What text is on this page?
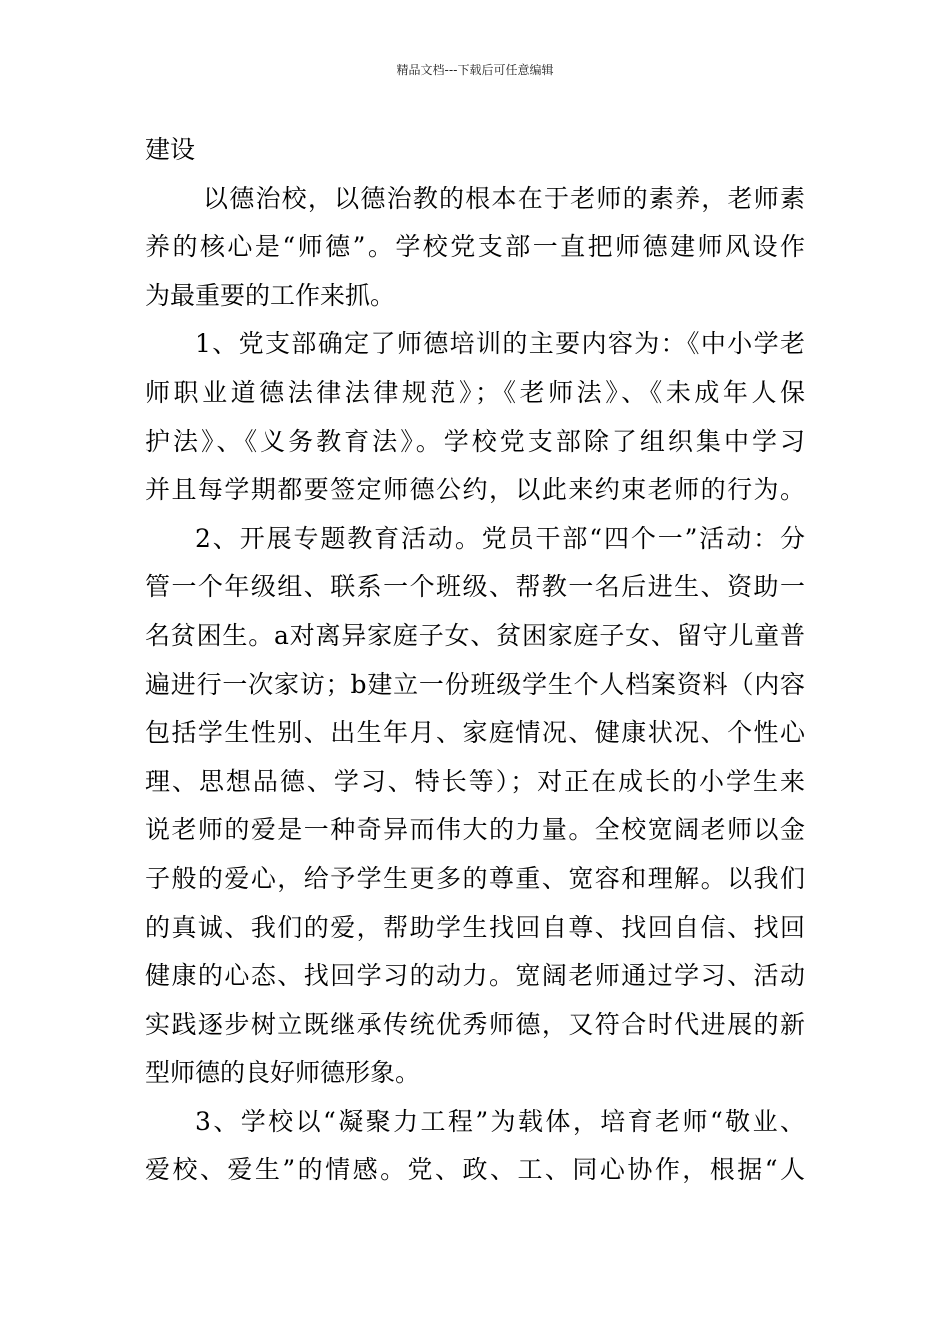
精品文档---下载后可任意编辑
建设
以德治校，以德治教的根本在于老师的素养，老师素
养的核心是“师德”。学校党支部一直把师德建师风设作
为最重要的工作来抓。
1、党支部确定了师德培训的主要内容为：《中小学老
师职业道德法律法律规范》；《老师法》、《未成年人保
护法》、《义务教育法》。学校党支部除了组织集中学习
并且每学期都要签定师德公约，以此来约束老师的行为。
2、开展专题教育活动。党员干部“四个一”活动：分
管一个年级组、联系一个班级、帮教一名后进生、资助一
名贫困生。a对离异家庭子女、贫困家庭子女、留守儿童普
遍进行一次家访；b建立一份班级学生个人档案资料（内容
包括学生性别、出生年月、家庭情况、健康状况、个性心
理、思想品德、学习、特长等）；对正在成长的小学生来
说老师的爱是一种奇异而伟大的力量。全校宽阔老师以金
子般的爱心，给予学生更多的尊重、宽容和理解。以我们
的真诚、我们的爱，帮助学生找回自尊、找回自信、找回
健康的心态、找回学习的动力。宽阔老师通过学习、活动
实践逐步树立既继承传统优秀师德，又符合时代进展的新
型师德的良好师德形象。
3、学校以“凝聚力工程”为载体，培育老师“敬业、
爱校、爱生”的情感。党、政、工、同心协作，根据“人
